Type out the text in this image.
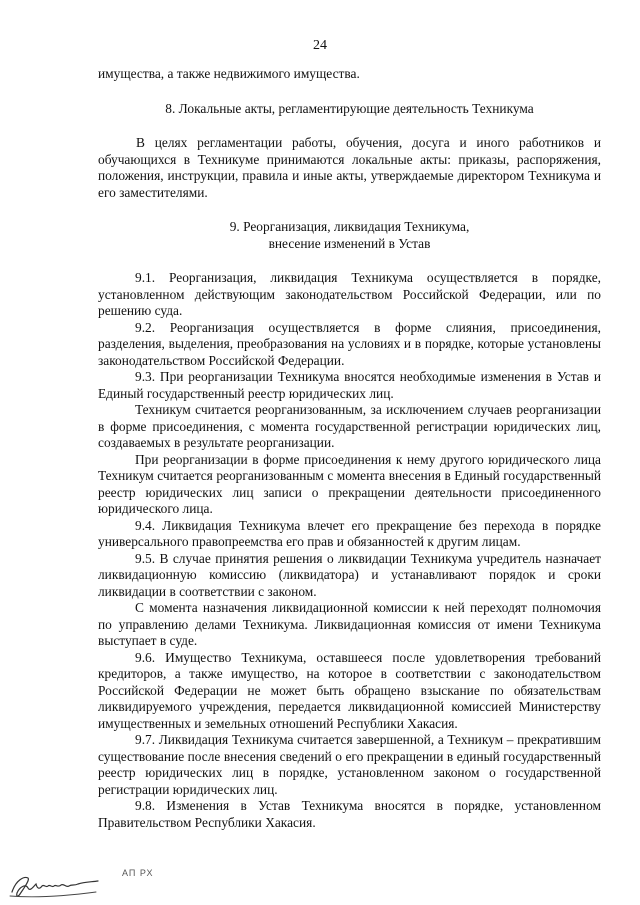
24

имущества, а также недвижимого имущества.

8. Локальные акты, регламентирующие деятельность Техникума

В целях регламентации работы, обучения, досуга и иного работников и обучающихся в Техникуме принимаются локальные акты: приказы, распоряжения, положения, инструкции, правила и иные акты, утверждаемые директором Техникума и его заместителями.

9. Реорганизация, ликвидация Техникума,

внесение изменений в Устав

9.1. Реорганизация, ликвидация Техникума осуществляется в порядке, установленном действующим законодательством Российской Федерации, или по решению суда.

9.2. Реорганизация осуществляется в форме слияния, присоединения, разделения, выделения, преобразования на условиях и в порядке, которые установлены законодательством Российской Федерации.

9.3. При реорганизации Техникума вносятся необходимые изменения в Устав и Единый государственный реестр юридических лиц.

Техникум считается реорганизованным, за исключением случаев реорганизации в форме присоединения, с момента государственной регистрации юридических лиц, создаваемых в результате реорганизации.

При реорганизации в форме присоединения к нему другого юридического лица Техникум считается реорганизованным с момента внесения в Единый государственный реестр юридических лиц записи о прекращении деятельности присоединенного юридического лица.

9.4. Ликвидация Техникума влечет его прекращение без перехода в порядке универсального правопреемства его прав и обязанностей к другим лицам.

9.5. В случае принятия решения о ликвидации Техникума учредитель назначает ликвидационную комиссию (ликвидатора) и устанавливают порядок и сроки ликвидации в соответствии с законом.

С момента назначения ликвидационной комиссии к ней переходят полномочия по управлению делами Техникума. Ликвидационная комиссия от имени Техникума выступает в суде.

9.6. Имущество Техникума, оставшееся после удовлетворения требований кредиторов, а также имущество, на которое в соответствии с законодательством Российской Федерации не может быть обращено взыскание по обязательствам ликвидируемого учреждения, передается ликвидационной комиссией Министерству имущественных и земельных отношений Республики Хакасия.

9.7. Ликвидация Техникума считается завершенной, а Техникум – прекратившим существование после внесения сведений о его прекращении в единый государственный реестр юридических лиц в порядке, установленном законом о государственной регистрации юридических лиц.

9.8. Изменения в Устав Техникума вносятся в порядке, установленном Правительством Республики Хакасия.

АП РХ
